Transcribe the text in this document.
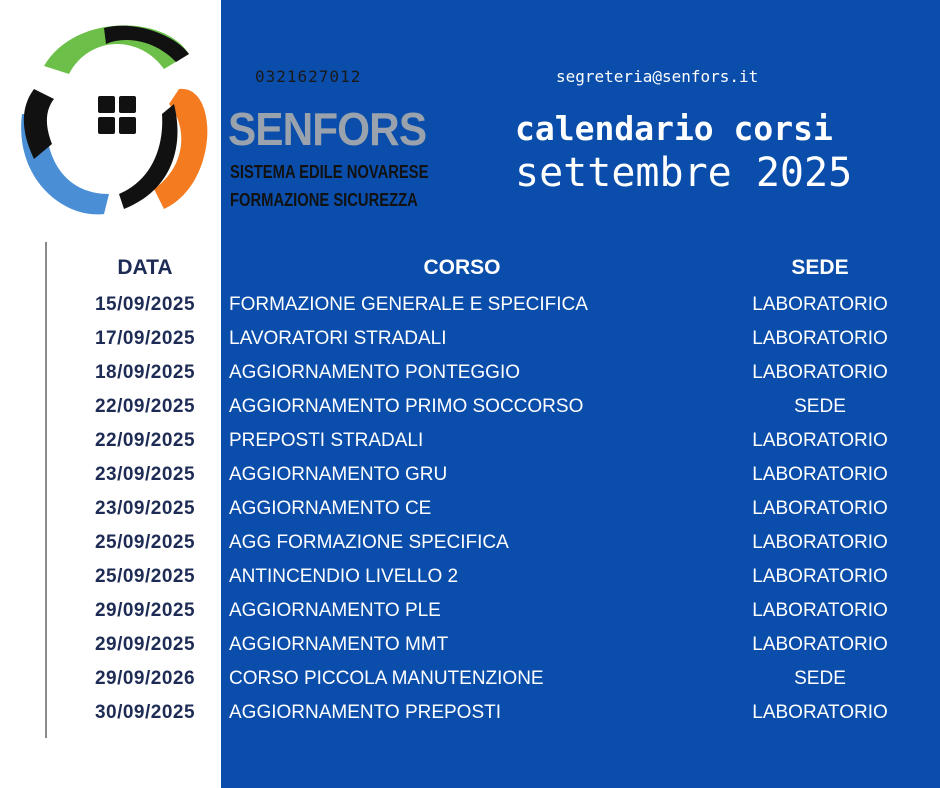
0321627012	segreteria@senfors.it
SENFORS
SISTEMA EDILE NOVARESE
FORMAZIONE SICUREZZA
calendario corsi
settembre 2025
DATA	CORSO	SEDE
15/09/2025	FORMAZIONE GENERALE E SPECIFICA	LABORATORIO
17/09/2025	LAVORATORI STRADALI	LABORATORIO
18/09/2025	AGGIORNAMENTO PONTEGGIO	LABORATORIO
22/09/2025	AGGIORNAMENTO PRIMO SOCCORSO	SEDE
22/09/2025	PREPOSTI STRADALI	LABORATORIO
23/09/2025	AGGIORNAMENTO GRU	LABORATORIO
23/09/2025	AGGIORNAMENTO CE	LABORATORIO
25/09/2025	AGG FORMAZIONE SPECIFICA	LABORATORIO
25/09/2025	ANTINCENDIO LIVELLO 2	LABORATORIO
29/09/2025	AGGIORNAMENTO PLE	LABORATORIO
29/09/2025	AGGIORNAMENTO MMT	LABORATORIO
29/09/2026	CORSO PICCOLA MANUTENZIONE	SEDE
30/09/2025	AGGIORNAMENTO PREPOSTI	LABORATORIO
